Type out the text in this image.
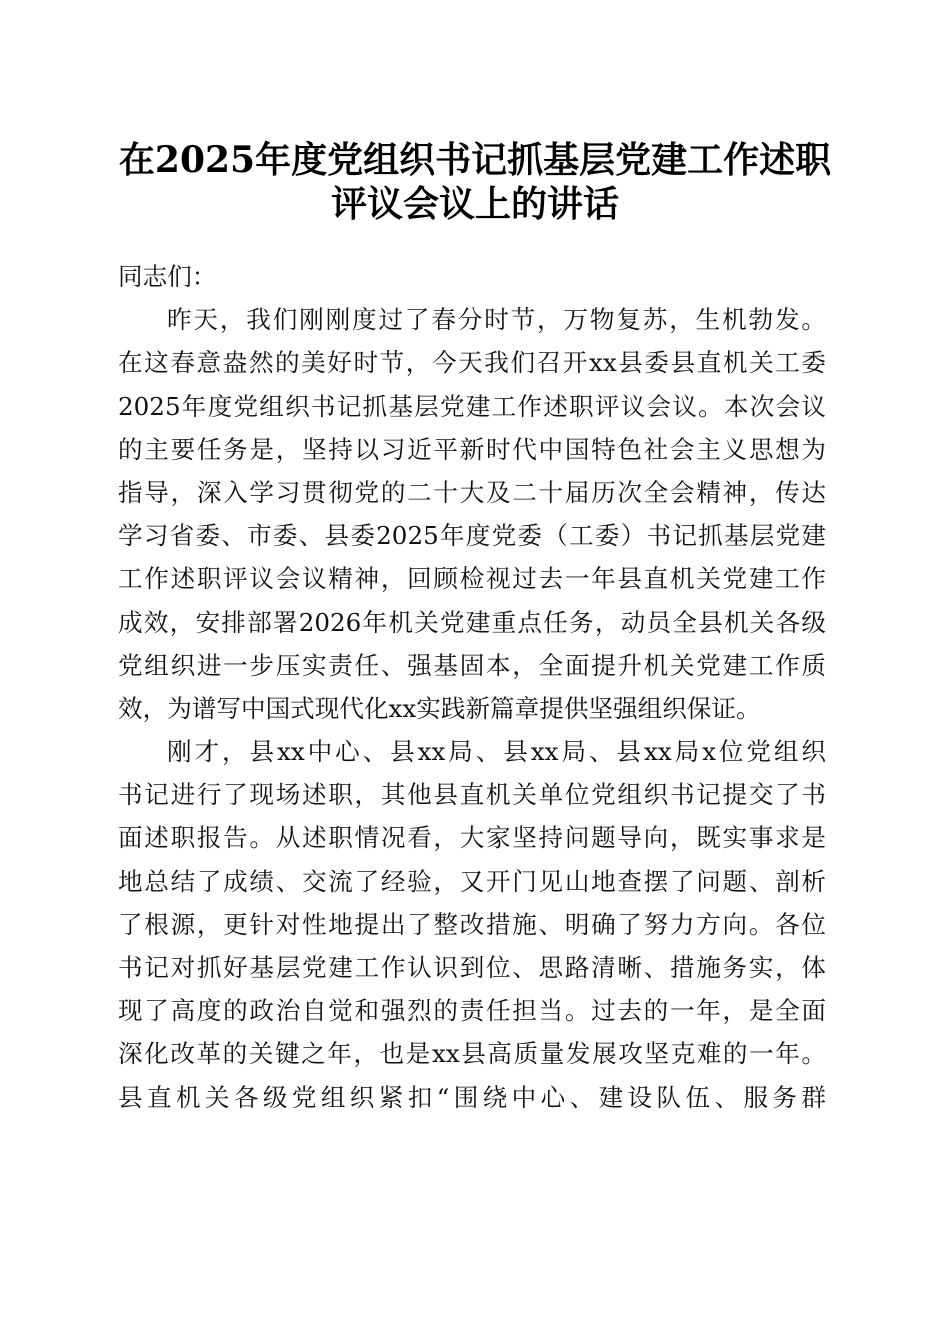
在2025年度党组织书记抓基层党建工作述职
评议会议上的讲话
同志们：
昨天，我们刚刚度过了春分时节，万物复苏，生机勃发。
在这春意盎然的美好时节，今天我们召开xx县委县直机关工委
2025年度党组织书记抓基层党建工作述职评议会议。本次会议
的主要任务是，坚持以习近平新时代中国特色社会主义思想为
指导，深入学习贯彻党的二十大及二十届历次全会精神，传达
学习省委、市委、县委2025年度党委（工委）书记抓基层党建
工作述职评议会议精神，回顾检视过去一年县直机关党建工作
成效，安排部署2026年机关党建重点任务，动员全县机关各级
党组织进一步压实责任、强基固本，全面提升机关党建工作质
效，为谱写中国式现代化xx实践新篇章提供坚强组织保证。
刚才，县xx中心、县xx局、县xx局、县xx局x位党组织
书记进行了现场述职，其他县直机关单位党组织书记提交了书
面述职报告。从述职情况看，大家坚持问题导向，既实事求是
地总结了成绩、交流了经验，又开门见山地查摆了问题、剖析
了根源，更针对性地提出了整改措施、明确了努力方向。各位
书记对抓好基层党建工作认识到位、思路清晰、措施务实，体
现了高度的政治自觉和强烈的责任担当。过去的一年，是全面
深化改革的关键之年，也是xx县高质量发展攻坚克难的一年。
县直机关各级党组织紧扣“围绕中心、建设队伍、服务群
